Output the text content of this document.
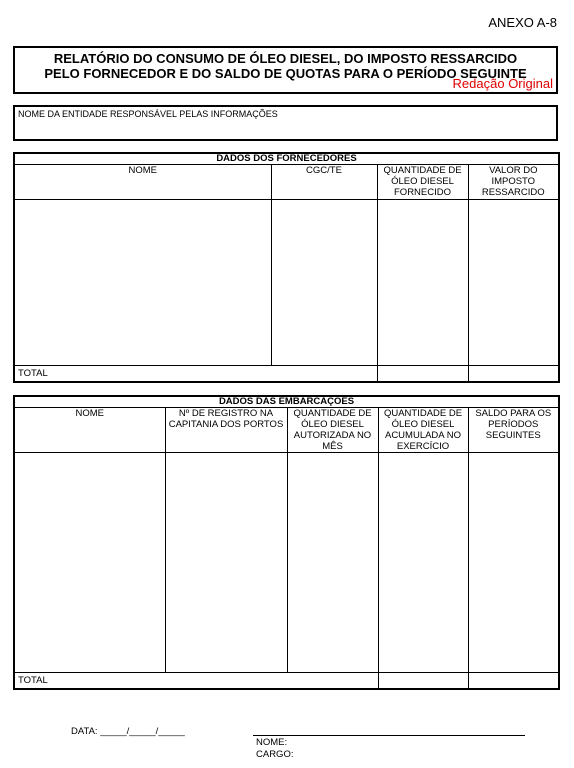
ANEXO A-8
RELATÓRIO DO CONSUMO DE ÓLEO DIESEL, DO IMPOSTO RESSARCIDO
PELO FORNECEDOR E DO SALDO DE QUOTAS PARA O PERÍODO SEGUINTE
Redação Original
NOME DA ENTIDADE RESPONSÁVEL PELAS INFORMAÇÕES
DADOS DOS FORNECEDORES			
NOME	CGC/TE	QUANTIDADE DE ÓLEO DIESEL FORNECIDO	VALOR DO IMPOSTO RESSARCIDO

TOTAL			
DADOS DAS EMBARCAÇÕES				
NOME	Nº DE REGISTRO NA CAPITANIA DOS PORTOS	QUANTIDADE DE ÓLEO DIESEL AUTORIZADA NO MÊS	QUANTIDADE DE ÓLEO DIESEL ACUMULADA NO EXERCÍCIO	SALDO PARA OS PERÍODOS SEGUINTES

TOTAL				
DATA: _____/_____/_____
NOME:
CARGO:
